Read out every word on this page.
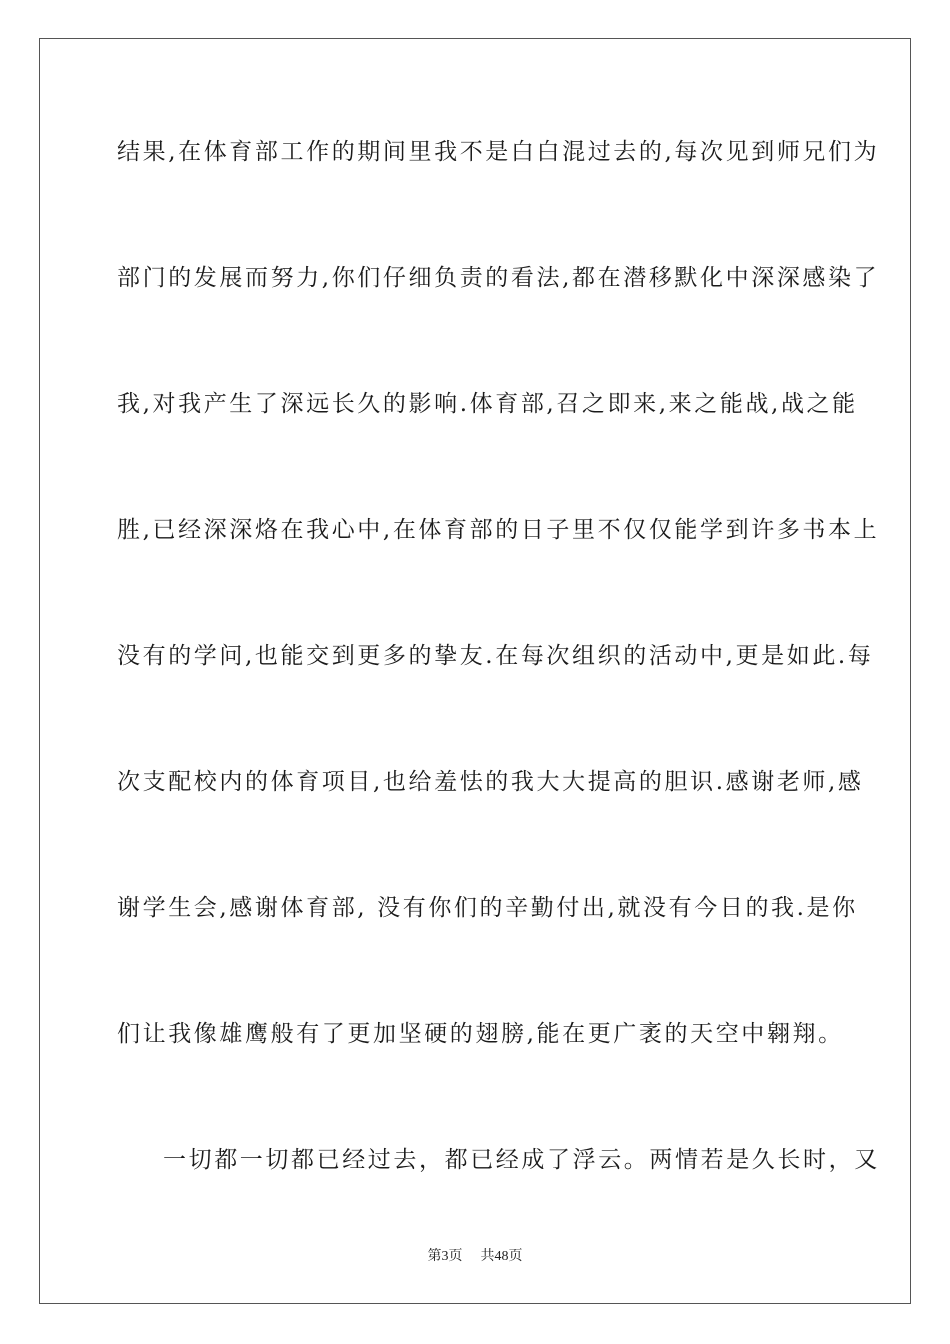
结果,在体育部工作的期间里我不是白白混过去的,每次见到师兄们为
部门的发展而努力,你们仔细负责的看法,都在潜移默化中深深感染了
我,对我产生了深远长久的影响.体育部,召之即来,来之能战,战之能
胜,已经深深烙在我心中,在体育部的日子里不仅仅能学到许多书本上
没有的学问,也能交到更多的挚友.在每次组织的活动中,更是如此.每
次支配校内的体育项目,也给羞怯的我大大提高的胆识.感谢老师,感
谢学生会,感谢体育部, 没有你们的辛勤付出,就没有今日的我.是你
们让我像雄鹰般有了更加坚硬的翅膀,能在更广袤的天空中翱翔。
一切都一切都已经过去，都已经成了浮云。两情若是久长时，又
第3页 共48页
